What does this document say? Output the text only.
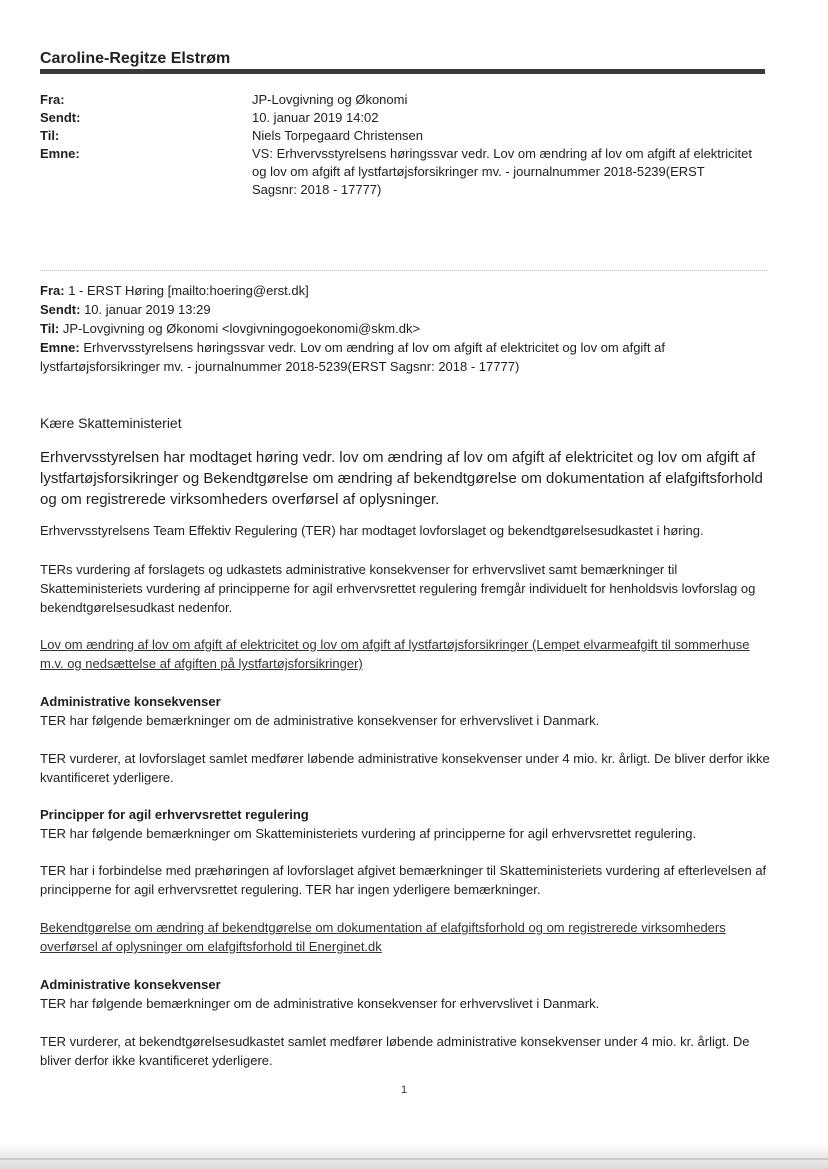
Caroline-Regitze Elstrøm
Fra:	JP-Lovgivning og Økonomi
Sendt:	10. januar 2019 14:02
Til:	Niels Torpegaard Christensen
Emne:	VS: Erhvervsstyrelsens høringssvar vedr. Lov om ændring af lov om afgift af elektricitet og lov om afgift af lystfartøjsforsikringer mv. - journalnummer 2018-5239(ERST Sagsnr: 2018 - 17777)
Fra: 1 - ERST Høring [mailto:hoering@erst.dk]
Sendt: 10. januar 2019 13:29
Til: JP-Lovgivning og Økonomi <lovgivningogoekonomi@skm.dk>
Emne: Erhvervsstyrelsens høringssvar vedr. Lov om ændring af lov om afgift af elektricitet og lov om afgift af lystfartøjsforsikringer mv. - journalnummer 2018-5239(ERST Sagsnr: 2018 - 17777)
Kære Skatteministeriet
Erhvervsstyrelsen har modtaget høring vedr. lov om ændring af lov om afgift af elektricitet og lov om afgift af lystfartøjsforsikringer og Bekendtgørelse om ændring af bekendtgørelse om dokumentation af elafgiftsforhold og om registrerede virksomheders overførsel af oplysninger.
Erhvervsstyrelsens Team Effektiv Regulering (TER) har modtaget lovforslaget og bekendtgørelsesudkastet i høring.
TERs vurdering af forslagets og udkastets administrative konsekvenser for erhvervslivet samt bemærkninger til Skatteministeriets vurdering af principperne for agil erhvervsrettet regulering fremgår individuelt for henholdsvis lovforslag og bekendtgørelsesudkast nedenfor.
Lov om ændring af lov om afgift af elektricitet og lov om afgift af lystfartøjsforsikringer (Lempet elvarmeafgift til sommerhuse m.v. og nedsættelse af afgiften på lystfartøjsforsikringer)
Administrative konsekvenser
TER har følgende bemærkninger om de administrative konsekvenser for erhvervslivet i Danmark.
TER vurderer, at lovforslaget samlet medfører løbende administrative konsekvenser under 4 mio. kr. årligt. De bliver derfor ikke kvantificeret yderligere.
Principper for agil erhvervsrettet regulering
TER har følgende bemærkninger om Skatteministeriets vurdering af principperne for agil erhvervsrettet regulering.
TER har i forbindelse med præhøringen af lovforslaget afgivet bemærkninger til Skatteministeriets vurdering af efterlevelsen af principperne for agil erhvervsrettet regulering. TER har ingen yderligere bemærkninger.
Bekendtgørelse om ændring af bekendtgørelse om dokumentation af elafgiftsforhold og om registrerede virksomheders overførsel af oplysninger om elafgiftsforhold til Energinet.dk
Administrative konsekvenser
TER har følgende bemærkninger om de administrative konsekvenser for erhvervslivet i Danmark.
TER vurderer, at bekendtgørelsesudkastet samlet medfører løbende administrative konsekvenser under 4 mio. kr. årligt. De bliver derfor ikke kvantificeret yderligere.
1
